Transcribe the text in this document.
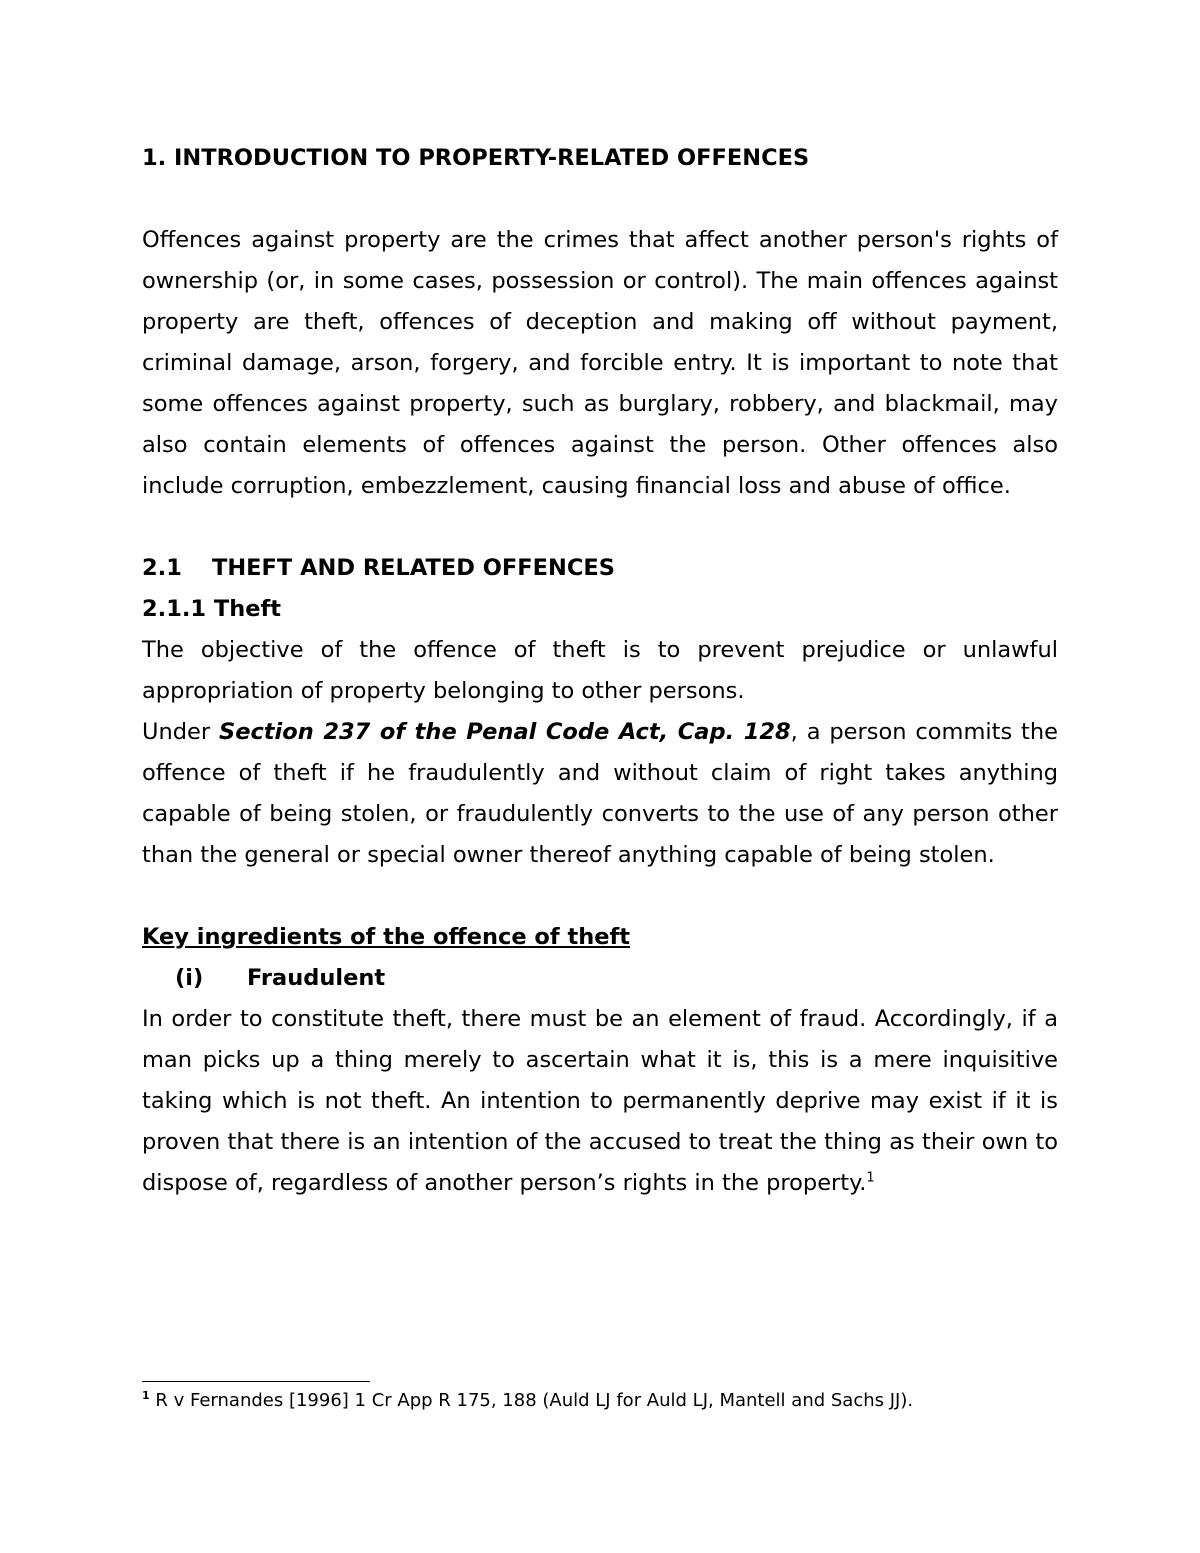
1. INTRODUCTION TO PROPERTY-RELATED OFFENCES

Offences against property are the crimes that affect another person's rights of ownership (or, in some cases, possession or control). The main offences against property are theft, offences of deception and making off without payment, criminal damage, arson, forgery, and forcible entry. It is important to note that some offences against property, such as burglary, robbery, and blackmail, may also contain elements of offences against the person. Other offences also include corruption, embezzlement, causing financial loss and abuse of office.

2.1 THEFT AND RELATED OFFENCES
2.1.1 Theft

The objective of the offence of theft is to prevent prejudice or unlawful appropriation of property belonging to other persons.

Under Section 237 of the Penal Code Act, Cap. 128, a person commits the offence of theft if he fraudulently and without claim of right takes anything capable of being stolen, or fraudulently converts to the use of any person other than the general or special owner thereof anything capable of being stolen.

Key ingredients of the offence of theft
(i) Fraudulent

In order to constitute theft, there must be an element of fraud. Accordingly, if a man picks up a thing merely to ascertain what it is, this is a mere inquisitive taking which is not theft. An intention to permanently deprive may exist if it is proven that there is an intention of the accused to treat the thing as their own to dispose of, regardless of another person’s rights in the property.$^1$

$^1$ R v Fernandes [1996] 1 Cr App R 175, 188 (Auld LJ for Auld LJ, Mantell and Sachs JJ).
